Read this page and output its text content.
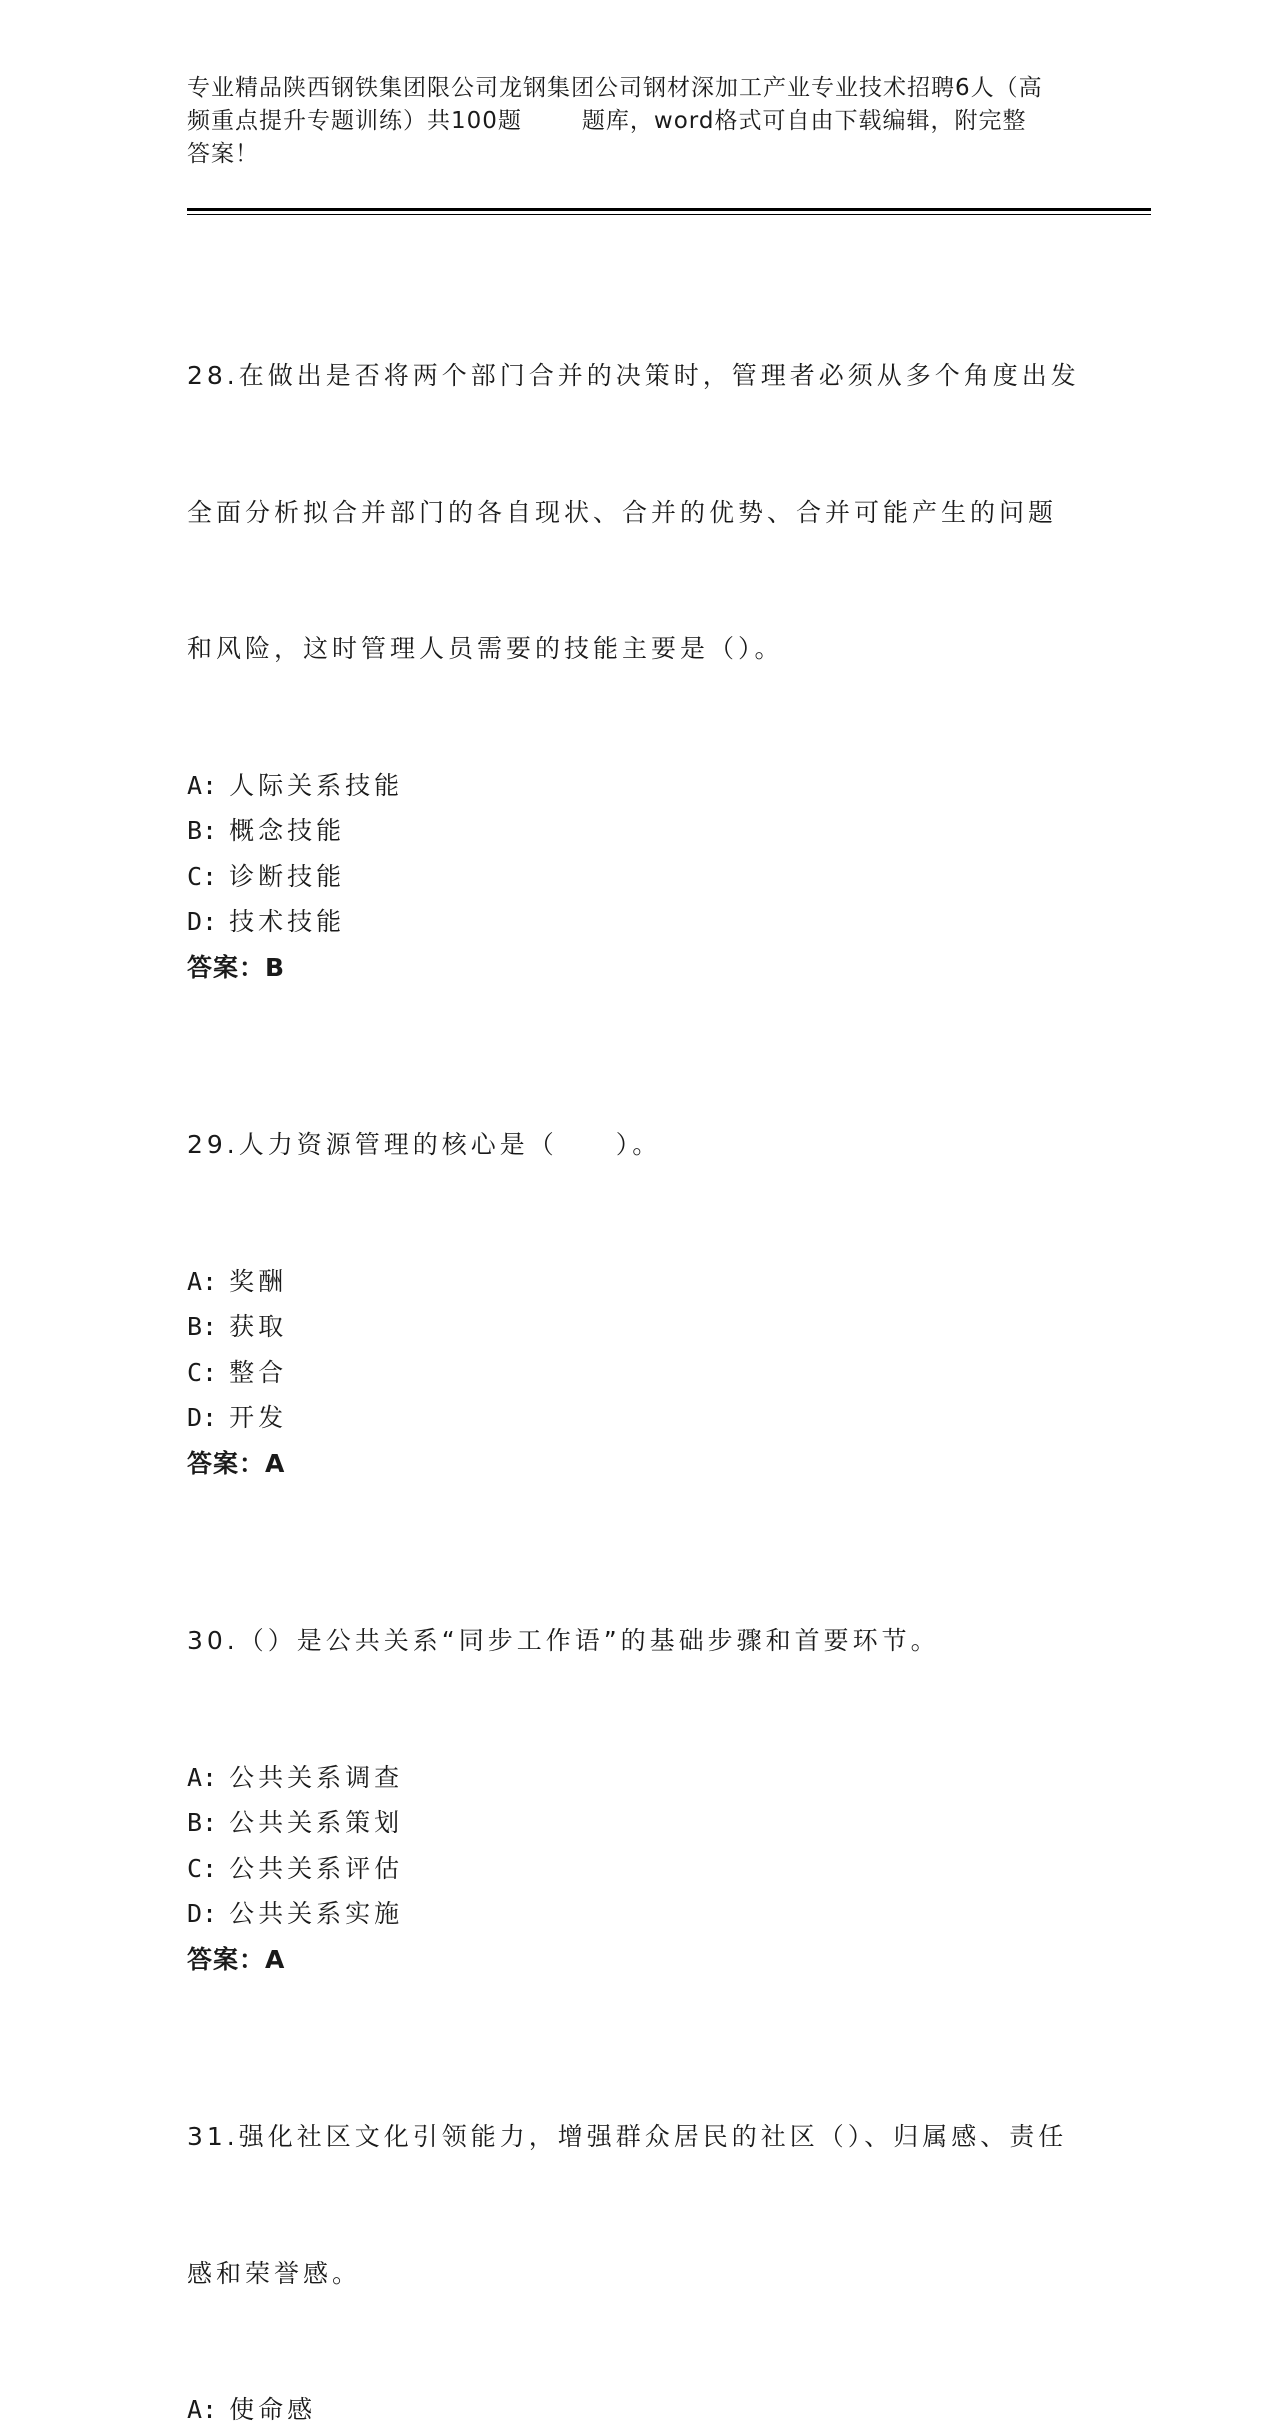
专业精品陕西钢铁集团限公司龙钢集团公司钢材深加工产业专业技术招聘6人（高
频重点提升专题训练）共100题	题库，word格式可自由下载编辑，附完整
答案！

28.在做出是否将两个部门合并的决策时，管理者必须从多个角度出发

全面分析拟合并部门的各自现状、合并的优势、合并可能产生的问题

和风险，这时管理人员需要的技能主要是（）。

A: 人际关系技能
B: 概念技能
C: 诊断技能
D: 技术技能
答案：B

29.人力资源管理的核心是（　　）。

A: 奖酬
B: 获取
C: 整合
D: 开发
答案：A

30.（）是公共关系“同步工作语”的基础步骤和首要环节。

A: 公共关系调查
B: 公共关系策划
C: 公共关系评估
D: 公共关系实施
答案：A

31.强化社区文化引领能力，增强群众居民的社区（）、归属感、责任

感和荣誉感。

A: 使命感
